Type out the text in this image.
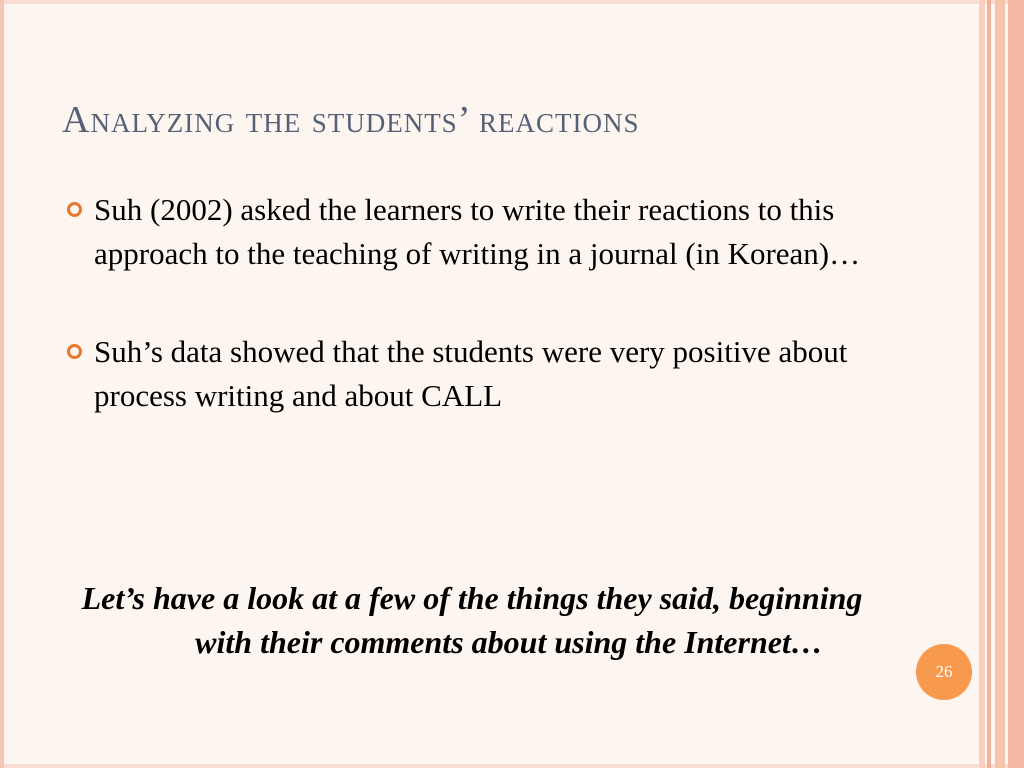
Analyzing the students’ reactions
Suh (2002) asked the learners to write their reactions to this approach to the teaching of writing in a journal (in Korean)…
Suh’s data showed that the students were very positive about process writing and about CALL

Let’s have a look at a few of the things they said, beginning with their comments about using the Internet…

26
